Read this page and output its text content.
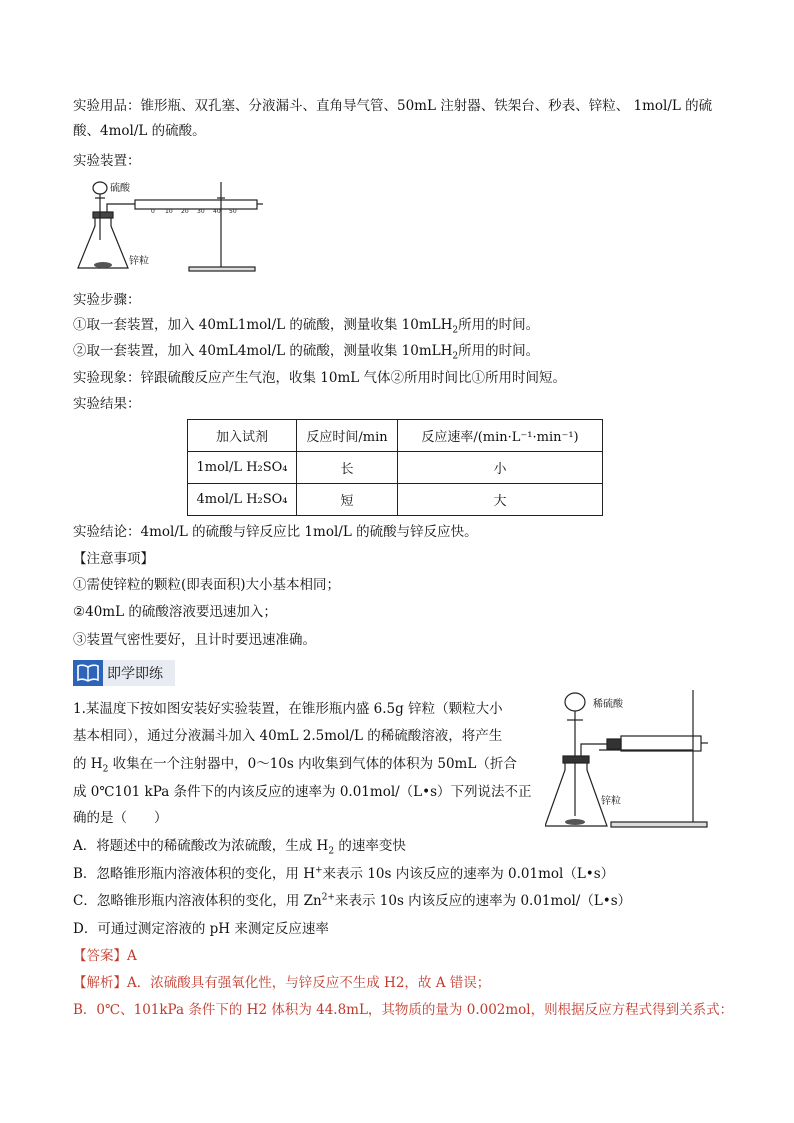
实验用品：锥形瓶、双孔塞、分液漏斗、直角导气管、50mL 注射器、铁架台、秒表、锌粒、 1mol/L 的硫
酸、4mol/L 的硫酸。
实验装置：
0 10 20 30 40 50
硫酸
锌粒
实验步骤：
①取一套装置，加入 40mL1mol/L 的硫酸，测量收集 10mLH$_2$所用的时间。
②取一套装置，加入 40mL4mol/L 的硫酸，测量收集 10mLH$_2$所用的时间。
实验现象：锌跟硫酸反应产生气泡，收集 10mL 气体②所用时间比①所用时间短。
实验结果：
加入试剂	反应时间/min	反应速率/(min·L⁻¹·min⁻¹)
1mol/L H₂SO₄	长	小
4mol/L H₂SO₄	短	大
实验结论：4mol/L 的硫酸与锌反应比 1mol/L 的硫酸与锌反应快。
【注意事项】
①需使锌粒的颗粒(即表面积)大小基本相同；
②40mL 的硫酸溶液要迅速加入；
③装置气密性要好，且计时要迅速准确。
即学即练
1.某温度下按如图安装好实验装置，在锥形瓶内盛 6.5g 锌粒（颗粒大小
基本相同），通过分液漏斗加入 40mL 2.5mol/L 的稀硫酸溶液，将产生
的 $H_2$ 收集在一个注射器中，0～10s 内收集到气体的体积为 50mL（折合
成 0℃101 kPa 条件下的内该反应的速率为 0.01mol/（L•s）下列说法不正
确的是（　　）
稀硫酸
锌粒
A．将题述中的稀硫酸改为浓硫酸，生成 $H_2$ 的速率变快
B．忽略锥形瓶内溶液体积的变化，用 H+来表示 10s 内该反应的速率为 0.01mol（L•s）
C．忽略锥形瓶内溶液体积的变化，用 $Zn^{2+}$来表示 10s 内该反应的速率为 0.01mol/（L•s）
D．可通过测定溶液的 pH 来测定反应速率
【答案】A
【解析】A．浓硫酸具有强氧化性，与锌反应不生成 H2，故 A 错误；
B．0℃、101kPa 条件下的 H2 体积为 44.8mL，其物质的量为 0.002mol，则根据反应方程式得到关系式：
